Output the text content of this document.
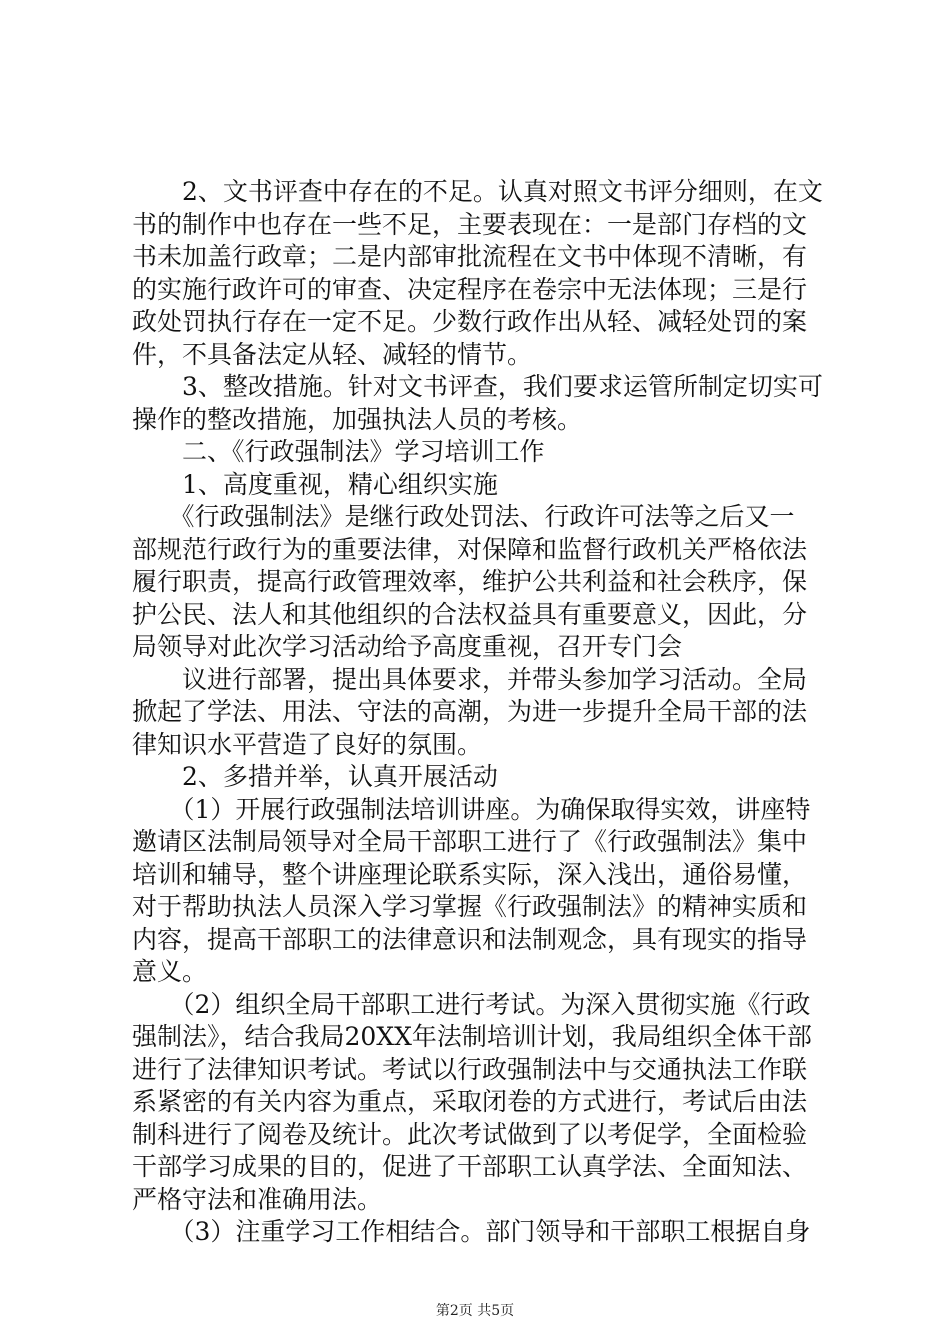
　　2、文书评查中存在的不足。认真对照文书评分细则，在文
书的制作中也存在一些不足，主要表现在：一是部门存档的文
书未加盖行政章；二是内部审批流程在文书中体现不清晰，有
的实施行政许可的审查、决定程序在卷宗中无法体现；三是行
政处罚执行存在一定不足。少数行政作出从轻、减轻处罚的案
件，不具备法定从轻、减轻的情节。
　　3、整改措施。针对文书评查，我们要求运管所制定切实可
操作的整改措施，加强执法人员的考核。
　　二、《行政强制法》学习培训工作
　　1、高度重视，精心组织实施
　　《行政强制法》是继行政处罚法、行政许可法等之后又一
部规范行政行为的重要法律，对保障和监督行政机关严格依法
履行职责，提高行政管理效率，维护公共利益和社会秩序，保
护公民、法人和其他组织的合法权益具有重要意义，因此，分
局领导对此次学习活动给予高度重视，召开专门会
　　议进行部署，提出具体要求，并带头参加学习活动。全局
掀起了学法、用法、守法的高潮，为进一步提升全局干部的法
律知识水平营造了良好的氛围。
　　2、多措并举，认真开展活动
　　（1）开展行政强制法培训讲座。为确保取得实效，讲座特
邀请区法制局领导对全局干部职工进行了《行政强制法》集中
培训和辅导，整个讲座理论联系实际，深入浅出，通俗易懂，
对于帮助执法人员深入学习掌握《行政强制法》的精神实质和
内容，提高干部职工的法律意识和法制观念，具有现实的指导
意义。
　　（2）组织全局干部职工进行考试。为深入贯彻实施《行政
强制法》，结合我局20XX年法制培训计划，我局组织全体干部
进行了法律知识考试。考试以行政强制法中与交通执法工作联
系紧密的有关内容为重点，采取闭卷的方式进行，考试后由法
制科进行了阅卷及统计。此次考试做到了以考促学，全面检验
干部学习成果的目的，促进了干部职工认真学法、全面知法、
严格守法和准确用法。
　　（3）注重学习工作相结合。部门领导和干部职工根据自身
第2页 共5页
